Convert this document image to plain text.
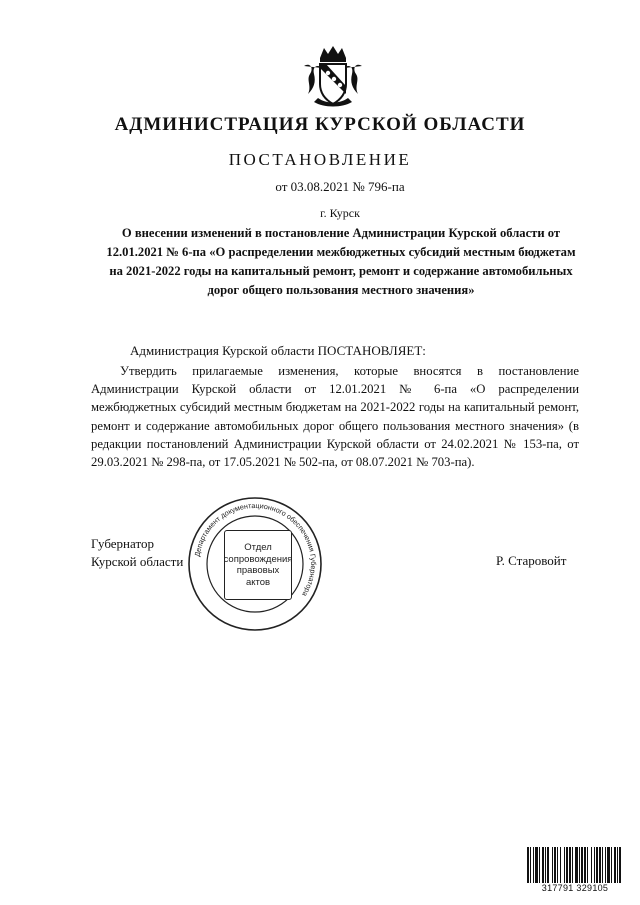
АДМИНИСТРАЦИЯ КУРСКОЙ ОБЛАСТИ
ПОСТАНОВЛЕНИЕ
от 03.08.2021 № 796-па
г. Курск
О внесении изменений в постановление Администрации Курской области от 12.01.2021 № 6-па «О распределении межбюджетных субсидий местным бюджетам на 2021-2022 годы на капитальный ремонт, ремонт и содержание автомобильных дорог общего пользования местного значения»
Администрация Курской области ПОСТАНОВЛЯЕТ:
Утвердить прилагаемые изменения, которые вносятся в постановление Администрации Курской области от 12.01.2021 № 6-па «О распределении межбюджетных субсидий местным бюджетам на 2021-2022 годы на капитальный ремонт, ремонт и содержание автомобильных дорог общего пользования местного значения» (в редакции постановлений Администрации Курской области от 24.02.2021 № 153-па, от 29.03.2021 № 298-па, от 17.05.2021 № 502-па, от 08.07.2021 № 703-па).
Губернатор
Курской области Департамент документационного обеспечения Губернатора
Отдел
сопровождения
правовых
актов
Р. Старовойт
317791 329105
